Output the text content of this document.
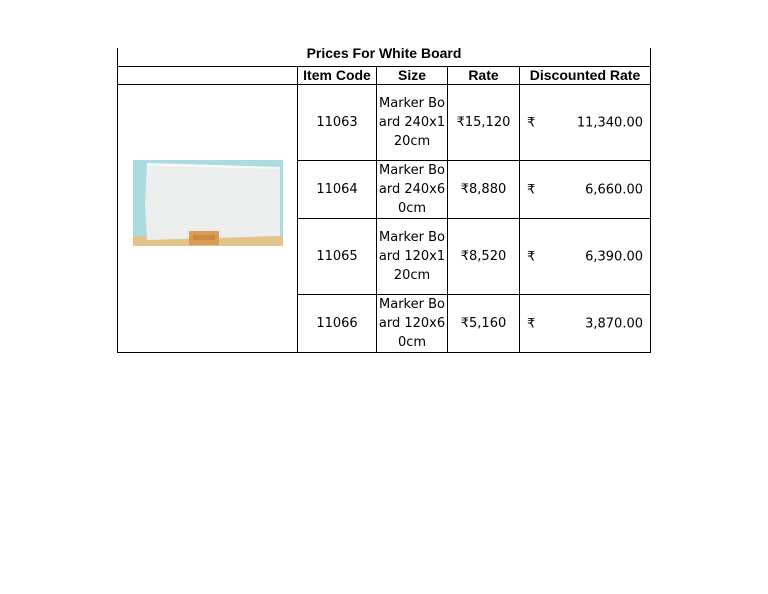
Prices For White Board
	Item Code	Size	Rate	Discounted Rate

	11063	Marker Board 240x120cm	₹15,120	₹ 11,340.00

	11064	Marker Board 240x60cm	₹8,880	₹ 6,660.00

	11065	Marker Board 120x120cm	₹8,520	₹ 6,390.00

	11066	Marker Board 120x60cm	₹5,160	₹ 3,870.00
